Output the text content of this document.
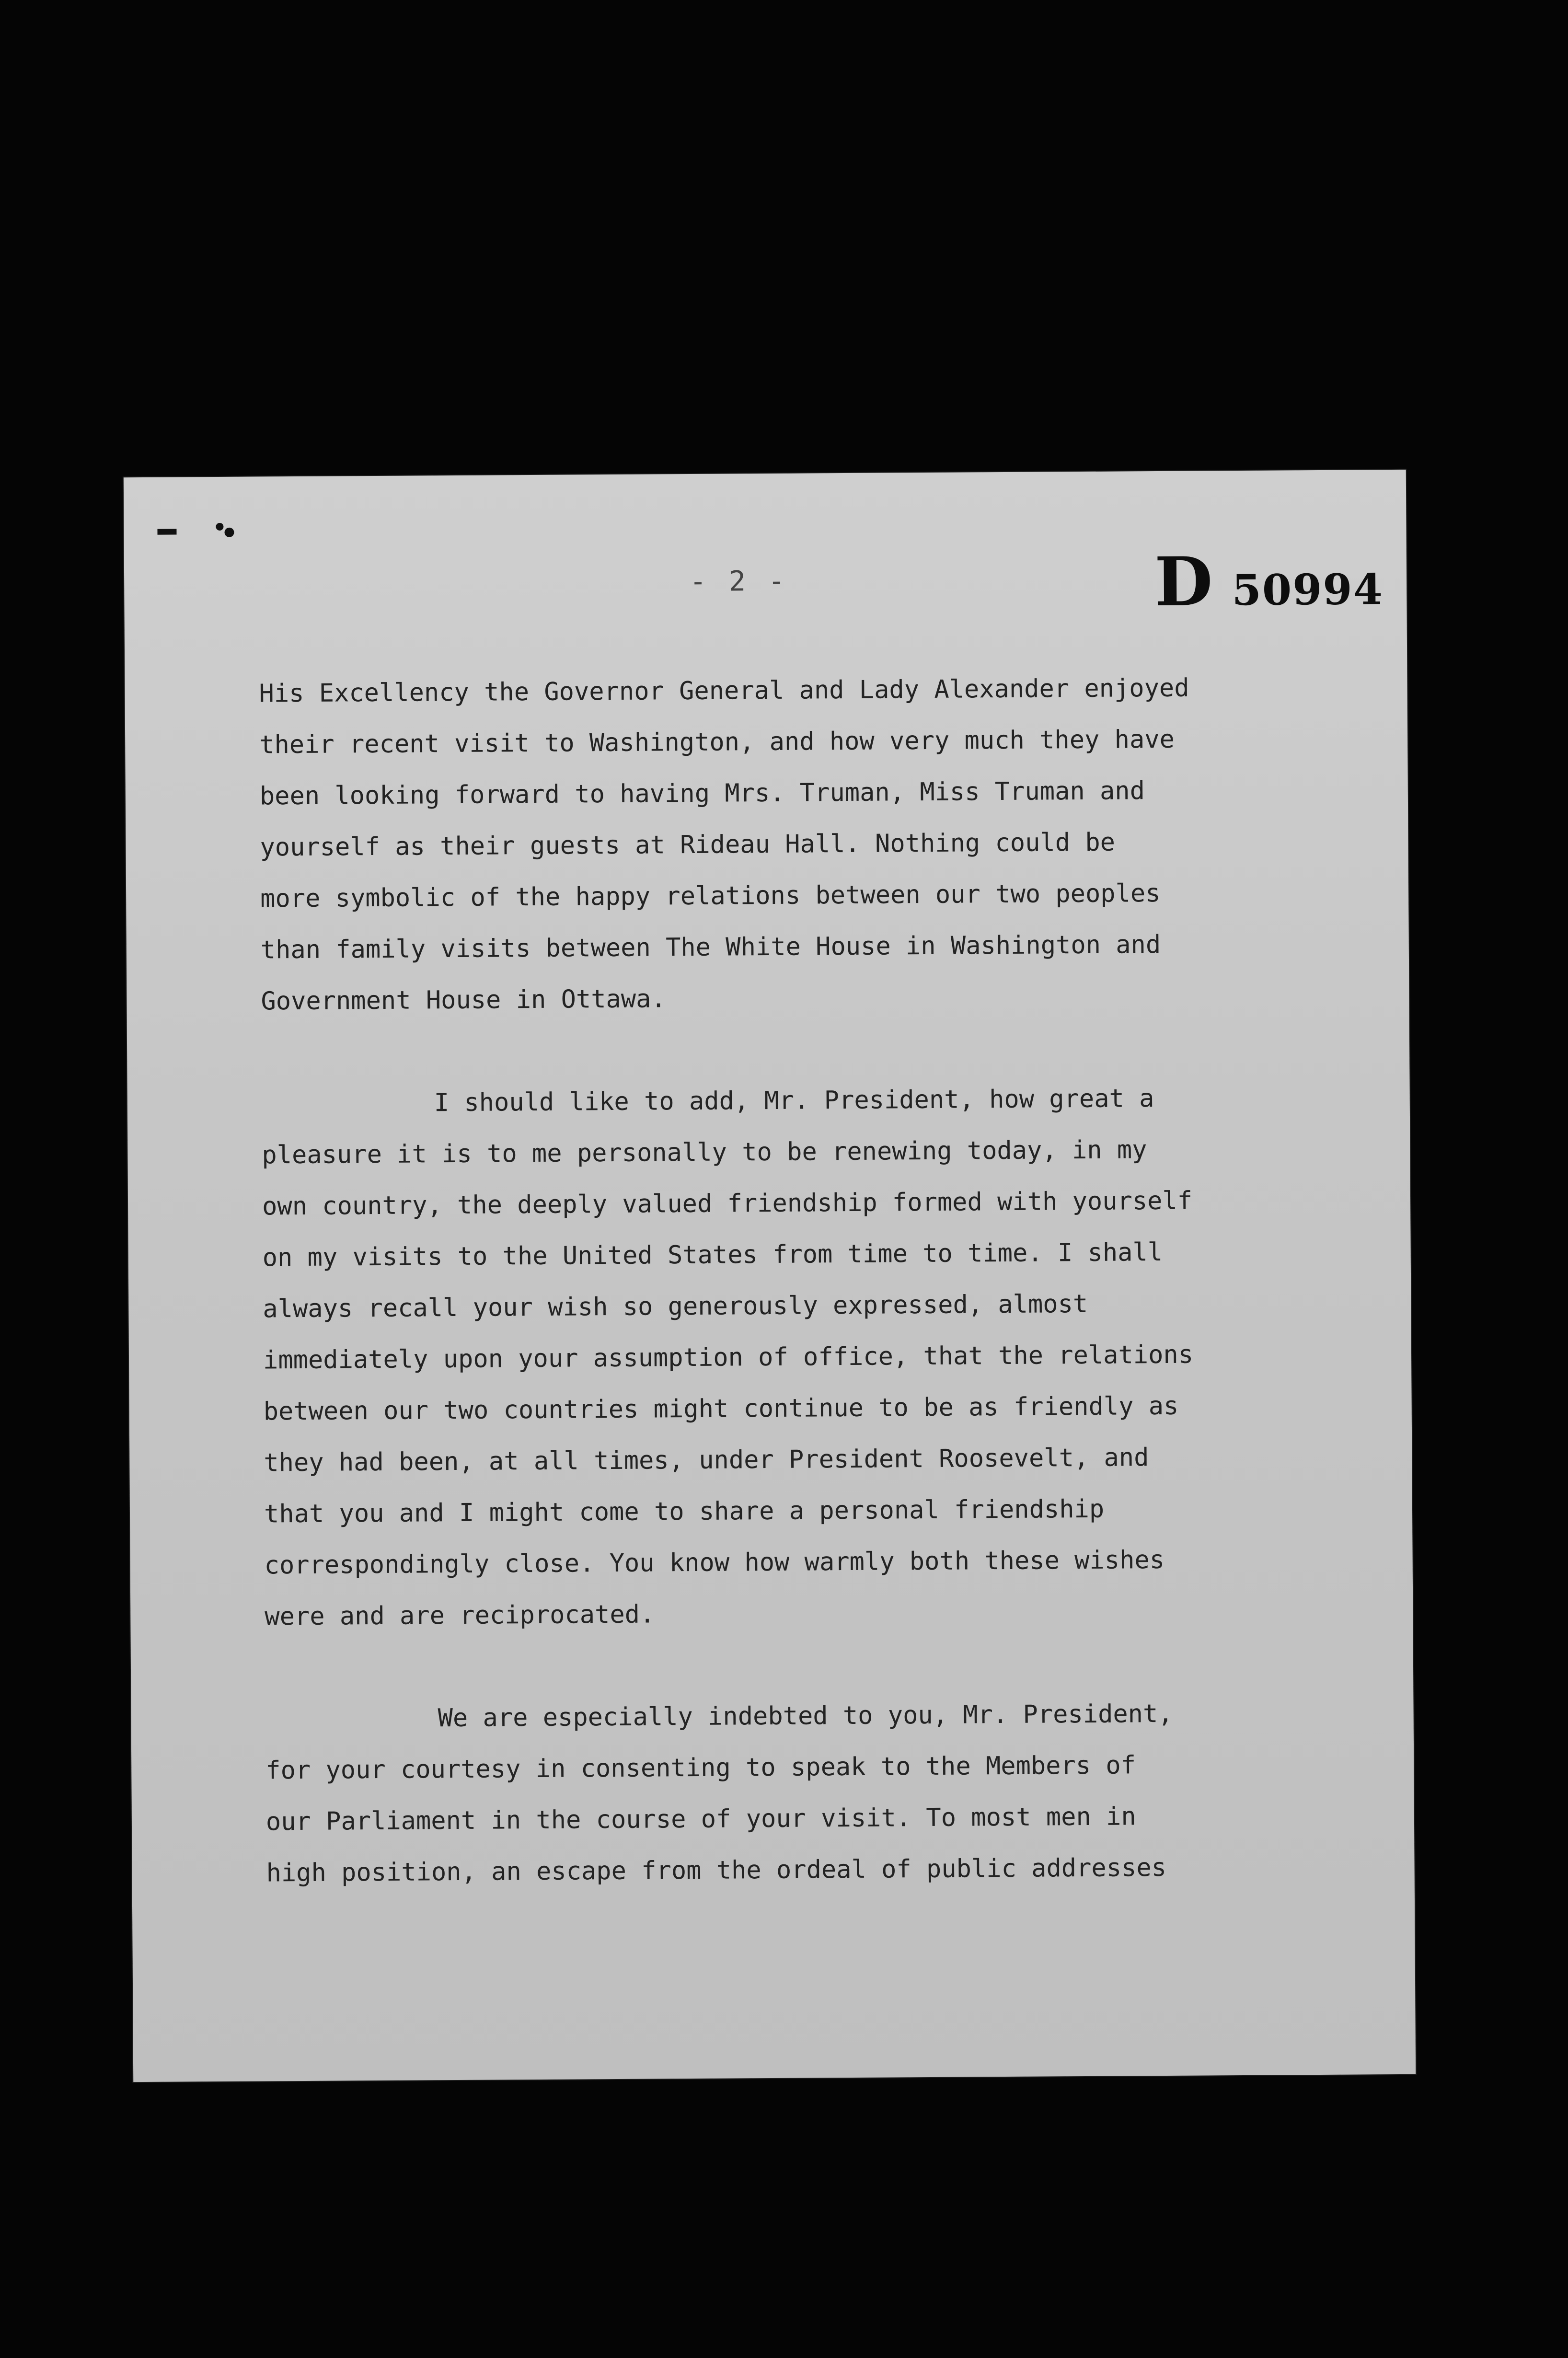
- 2 -	D 50994
His Excellency the Governor General and Lady Alexander enjoyed
their recent visit to Washington, and how very much they have
been looking forward to having Mrs. Truman, Miss Truman and
yourself as their guests at Rideau Hall. Nothing could be
more symbolic of the happy relations between our two peoples
than family visits between The White House in Washington and
Government House in Ottawa.
I should like to add, Mr. President, how great a
pleasure it is to me personally to be renewing today, in my
own country, the deeply valued friendship formed with yourself
on my visits to the United States from time to time. I shall
always recall your wish so generously expressed, almost
immediately upon your assumption of office, that the relations
between our two countries might continue to be as friendly as
they had been, at all times, under President Roosevelt, and
that you and I might come to share a personal friendship
correspondingly close. You know how warmly both these wishes
were and are reciprocated.
We are especially indebted to you, Mr. President,
for your courtesy in consenting to speak to the Members of
our Parliament in the course of your visit. To most men in
high position, an escape from the ordeal of public addresses
